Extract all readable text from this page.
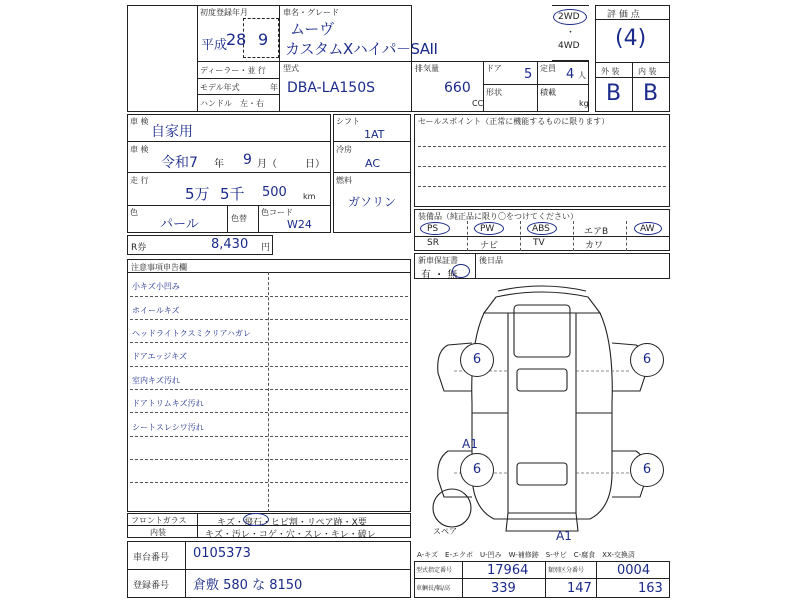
初度登録年月	車名・グレード
平成
28 9
ムーヴ
カスタムXハイパ－SAII
ディーラー・並 行
モデル年式	年
ハンドル　左・右
型式
DBA-LA150S
排気量
660
CC
ドア 5 定員 4 人
形状	積載
kg
2WD
・
4WD
評 価 点
(4)
外 装 内 装
B B
車 検
自家用
車 検
令和7 年 9 月（	日）
走 行
5万 5千 500 km
色
パール	色替
色コード
W24
シフト
1AT
冷房
AC
燃料
ガソリン
セールスポイント（正常に機能するものに限ります）
装備品（純正品に限り〇をつけてください）
PS	PW	ABS	エアB	AW
SR	ナビ	TV	カワ
R券	8,430 円
新車保証書	後日品
有 ・ 無
注意事項申告欄
小キズ小凹み
ホイールキズ
ヘッドライトクスミクリアハガレ
ドアエッジキズ
室内キズ汚れ
ドアトリムキズ汚れ
シートスレシワ汚れ
フロントガラス
内装
キズ・飛石・ヒビ割・リペア跡・X要
キズ・汚レ・コゲ・穴・スレ・キレ・破レ
車台番号 0105373
登録番号 倉敷 580 な 8150
6	6
6	6
A1
A1
スペア
A-キズ　E-エクボ　U-凹み　W-補修跡　S-サビ　C-腐食　XX-交換済
型式指定番号	17964	類別区分番号	0004
車輌長/幅/高	339	147	163
